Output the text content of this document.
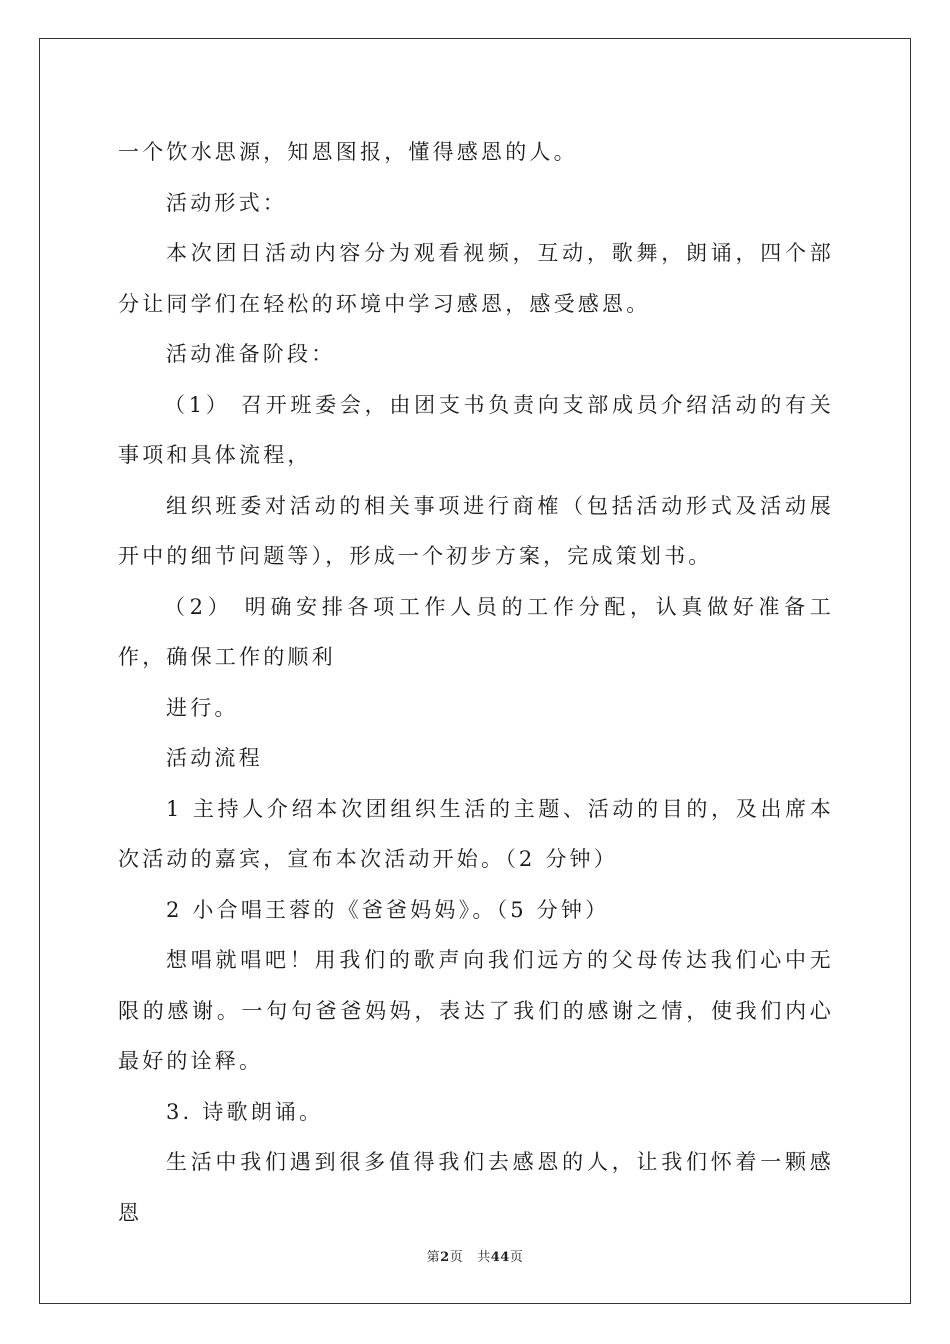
一个饮水思源，知恩图报，懂得感恩的人。

活动形式：

本次团日活动内容分为观看视频，互动，歌舞，朗诵，四个部分让同学们在轻松的环境中学习感恩，感受感恩。

活动准备阶段：

（1） 召开班委会，由团支书负责向支部成员介绍活动的有关事项和具体流程，

组织班委对活动的相关事项进行商榷（包括活动形式及活动展开中的细节问题等），形成一个初步方案，完成策划书。

（2） 明确安排各项工作人员的工作分配，认真做好准备工作，确保工作的顺利

进行。

活动流程

1 主持人介绍本次团组织生活的主题、活动的目的，及出席本次活动的嘉宾，宣布本次活动开始。（2 分钟）

2 小合唱王蓉的《爸爸妈妈》。（5 分钟）

想唱就唱吧！用我们的歌声向我们远方的父母传达我们心中无限的感谢。一句句爸爸妈妈，表达了我们的感谢之情，使我们内心最好的诠释。

3. 诗歌朗诵。

生活中我们遇到很多值得我们去感恩的人，让我们怀着一颗感恩

第2页 共44页
